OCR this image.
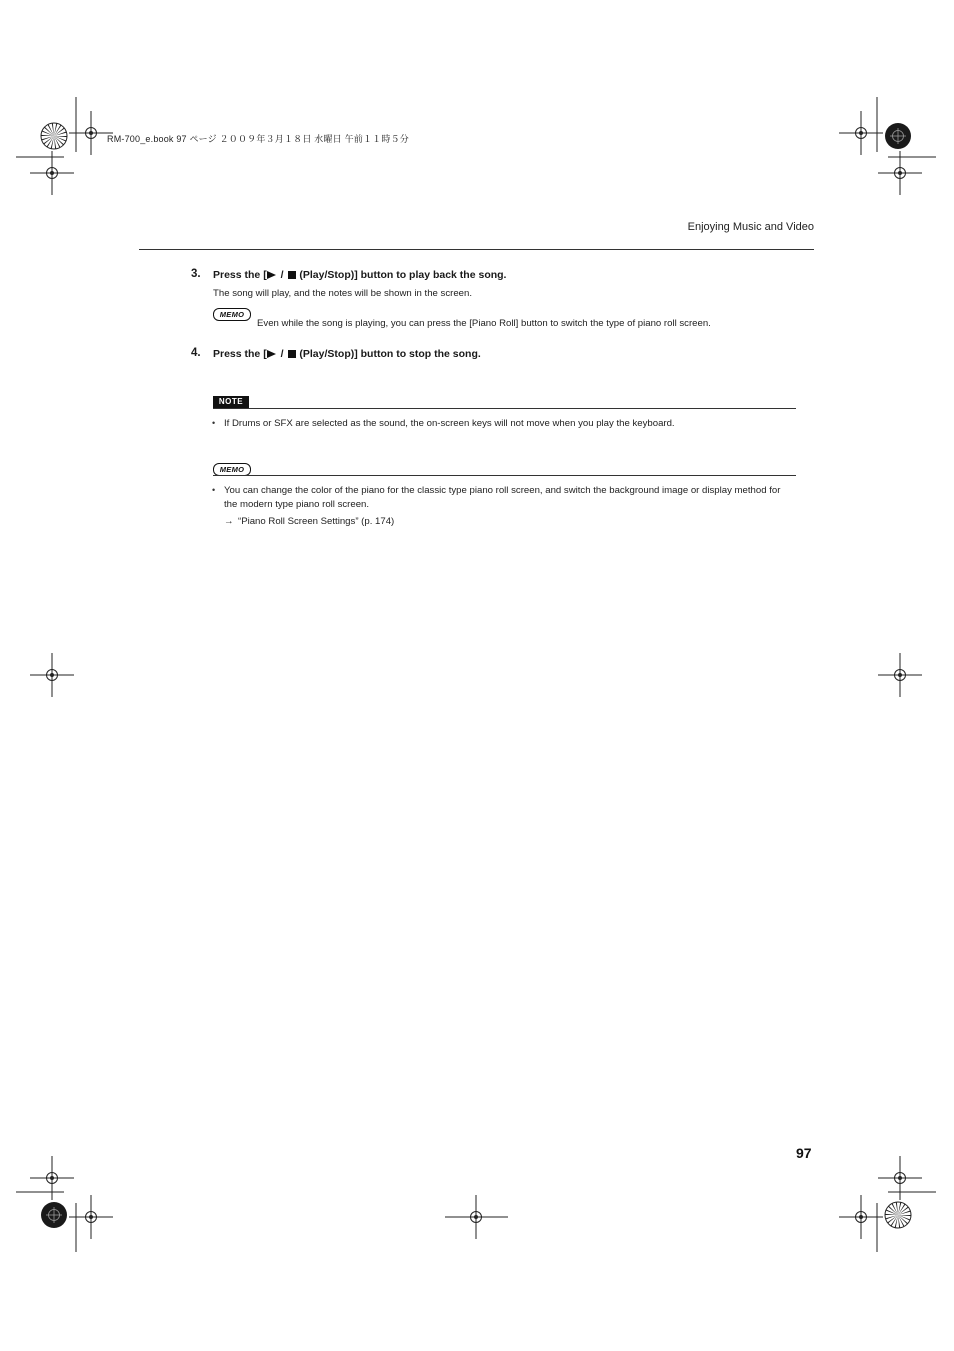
RM-700_e.book 97 ページ ２００９年３月１８日 水曜日 午前１１時５分
Enjoying Music and Video
3. Press the [ /  (Play/Stop)] button to play back the song.
The song will play, and the notes will be shown in the screen.
MEMO
Even while the song is playing, you can press the [Piano Roll] button to switch the type of piano roll screen.
4. Press the [ /  (Play/Stop)] button to stop the song.
NOTE
• If Drums or SFX are selected as the sound, the on-screen keys will not move when you play the keyboard.
MEMO
• You can change the color of the piano for the classic type piano roll screen, and switch the background image or display method for
the modern type piano roll screen.
→ “Piano Roll Screen Settings” (p. 174)
97
